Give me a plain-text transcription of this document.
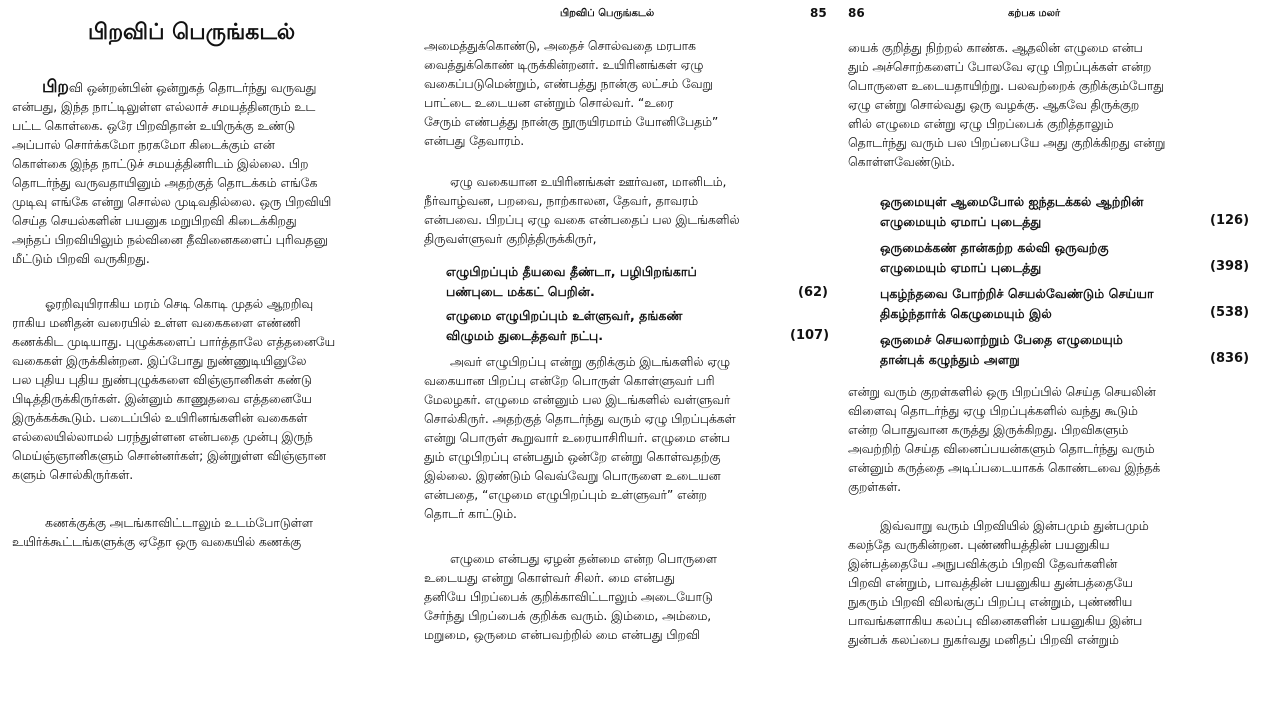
பிறவிப் பெருங்கடல்
பிறவி ஒன்றன்பின் ஒன்றுகத் தொடர்ந்து வருவது
என்பது, இந்த நாட்டிலுள்ள எல்லாச் சமயத்தினரும் உட
பட்ட கொள்கை. ஒரே பிறவிதான் உயிருக்கு உண்டு
அப்பால் சொர்க்கமோ நரகமோ கிடைக்கும் என்
கொள்கை இந்த நாட்டுச் சமயத்தினரிடம் இல்லை. பிற
தொடர்ந்து வருவதாயினும் அதற்குத் தொடக்கம் எங்கே
முடிவு எங்கே என்று சொல்ல முடிவதில்லை. ஒரு பிறவியி
செய்த செயல்களின் பயனுக மறுபிறவி கிடைக்கிறது
அந்தப் பிறவியிலும் நல்வினை தீவினைகளைப் புரிவதனு
மீட்டும் பிறவி வருகிறது.
ஓரறிவுயிராகிய மரம் செடி கொடி முதல் ஆறறிவு
ராகிய மனிதன் வரையில் உள்ள வகைகளை எண்ணி
கணக்கிட முடியாது. புழுக்களைப் பார்த்தாலே எத்தனையே
வகைகள் இருக்கின்றன. இப்போது நுண்ணுடியினுலே
பல புதிய புதிய நுண்புழுக்களை விஞ்ஞானிகள் கண்டு
பிடித்திருக்கிருர்கள். இன்னும் காணுதவை எத்தனையே
இருக்கக்கூடும். படைப்பில் உயிரினங்களின் வகைகள்
எல்லையில்லாமல் பரந்துள்ளன என்பதை முன்பு இருந்
மெய்ஞ்ஞானிகளும் சொன்னர்கள்; இன்றுள்ள விஞ்ஞான
களும் சொல்கிருர்கள்.
கணக்குக்கு அடங்காவிட்டாலும் உடம்போடுள்ள
உயிர்க்கூட்டங்களுக்கு ஏதோ ஒரு வகையில் கணக்கு
பிறவிப் பெருங்கடல்	85
அமைத்துக்கொண்டு, அதைச் சொல்வதை மரபாக
வைத்துக்கொண் டிருக்கின்றனர். உயிரினங்கள் ஏழு
வகைப்படுமென்றும், எண்பத்து நான்கு லட்சம் வேறு
பாட்டை உடையன என்றும் சொல்வர். “உரை
சேரும் எண்பத்து நான்கு நூருயிரமாம் யோனிபேதம்”
என்பது தேவாரம்.
ஏழு வகையான உயிரினங்கள் ஊர்வன, மானிடம்,
நீர்வாழ்வன, பறவை, நாற்காலன, தேவர், தாவரம்
என்பவை. பிறப்பு ஏழு வகை என்பதைப் பல இடங்களில்
திருவள்ளுவர் குறித்திருக்கிருர்,
எழுபிறப்பும் தீயவை தீண்டா, பழிபிறங்காப்
பண்புடை மக்கட் பெறின்.	(62)
எழுமை எழுபிறப்பும் உள்ளுவர், தங்கண்
விழுமம் துடைத்தவர் நட்பு.	(107)
அவர் எழுபிறப்பு என்று குறிக்கும் இடங்களில் ஏழு
வகையான பிறப்பு என்றே பொருள் கொள்ளுவர் பரி
மேலழகர். எழுமை என்னும் பல இடங்களில் வள்ளுவர்
சொல்கிருர். அதற்குத் தொடர்ந்து வரும் ஏழு பிறப்புக்கள்
என்று பொருள் கூறுவார் உரையாசிரியர். எழுமை என்ப
தும் எழுபிறப்பு என்பதும் ஒன்றே என்று கொள்வதற்கு
இல்லை. இரண்டும் வெவ்வேறு பொருளை உடையன
என்பதை, “எழுமை எழுபிறப்பும் உள்ளுவர்” என்ற
தொடர் காட்டும்.
எழுமை என்பது ஏழன் தன்மை என்ற பொருளை
உடையது என்று கொள்வர் சிலர். மை என்பது
தனியே பிறப்பைக் குறிக்காவிட்டாலும் அடையோடு
சேர்ந்து பிறப்பைக் குறிக்க வரும். இம்மை, அம்மை,
மறுமை, ஒருமை என்பவற்றில் மை என்பது பிறவி
86	கற்பக மலர்
யைக் குறித்து நிற்றல் காண்க. ஆதலின் எழுமை என்ப
தும் அச்சொற்களைப் போலவே ஏழு பிறப்புக்கள் என்ற
பொருளை உடையதாயிற்று. பலவற்றைக் குறிக்கும்போது
ஏழு என்று சொல்வது ஒரு வழக்கு. ஆகவே திருக்குற
ளில் எழுமை என்று ஏழு பிறப்பைக் குறித்தாலும்
தொடர்ந்து வரும் பல பிறப்பையே அது குறிக்கிறது என்று
கொள்ளவேண்டும்.
ஒருமையுள் ஆமைபோல் ஐந்தடக்கல் ஆற்றின்
எழுமையும் ஏமாப் புடைத்து	(126)
ஒருமைக்கண் தான்கற்ற கல்வி ஒருவற்கு
எழுமையும் ஏமாப் புடைத்து	(398)
புகழ்ந்தவை போற்றிச் செயல்வேண்டும் செய்யா
திகழ்ந்தார்க் கெழுமையும் இல்	(538)
ஒருமைச் செயலாற்றும் பேதை எழுமையும்
தான்புக் கழுந்தும் அளறு	(836)
என்று வரும் குறள்களில் ஒரு பிறப்பில் செய்த செயலின்
விளைவு தொடர்ந்து ஏழு பிறப்புக்களில் வந்து கூடும்
என்ற பொதுவான கருத்து இருக்கிறது. பிறவிகளும்
அவற்றிற் செய்த வினைப்பயன்களும் தொடர்ந்து வரும்
என்னும் கருத்தை அடிப்படையாகக் கொண்டவை இந்தக்
குறள்கள்.
இவ்வாறு வரும் பிறவியில் இன்பமும் துன்பமும்
கலந்தே வருகின்றன. புண்ணியத்தின் பயனுகிய
இன்பத்தையே அநுபவிக்கும் பிறவி தேவர்களின்
பிறவி என்றும், பாவத்தின் பயனுகிய துன்பத்தையே
நுகரும் பிறவி விலங்குப் பிறப்பு என்றும், புண்ணிய
பாவங்களாகிய கலப்பு வினைகளின் பயனுகிய இன்ப
துன்பக் கலப்பை நுகர்வது மனிதப் பிறவி என்றும்
